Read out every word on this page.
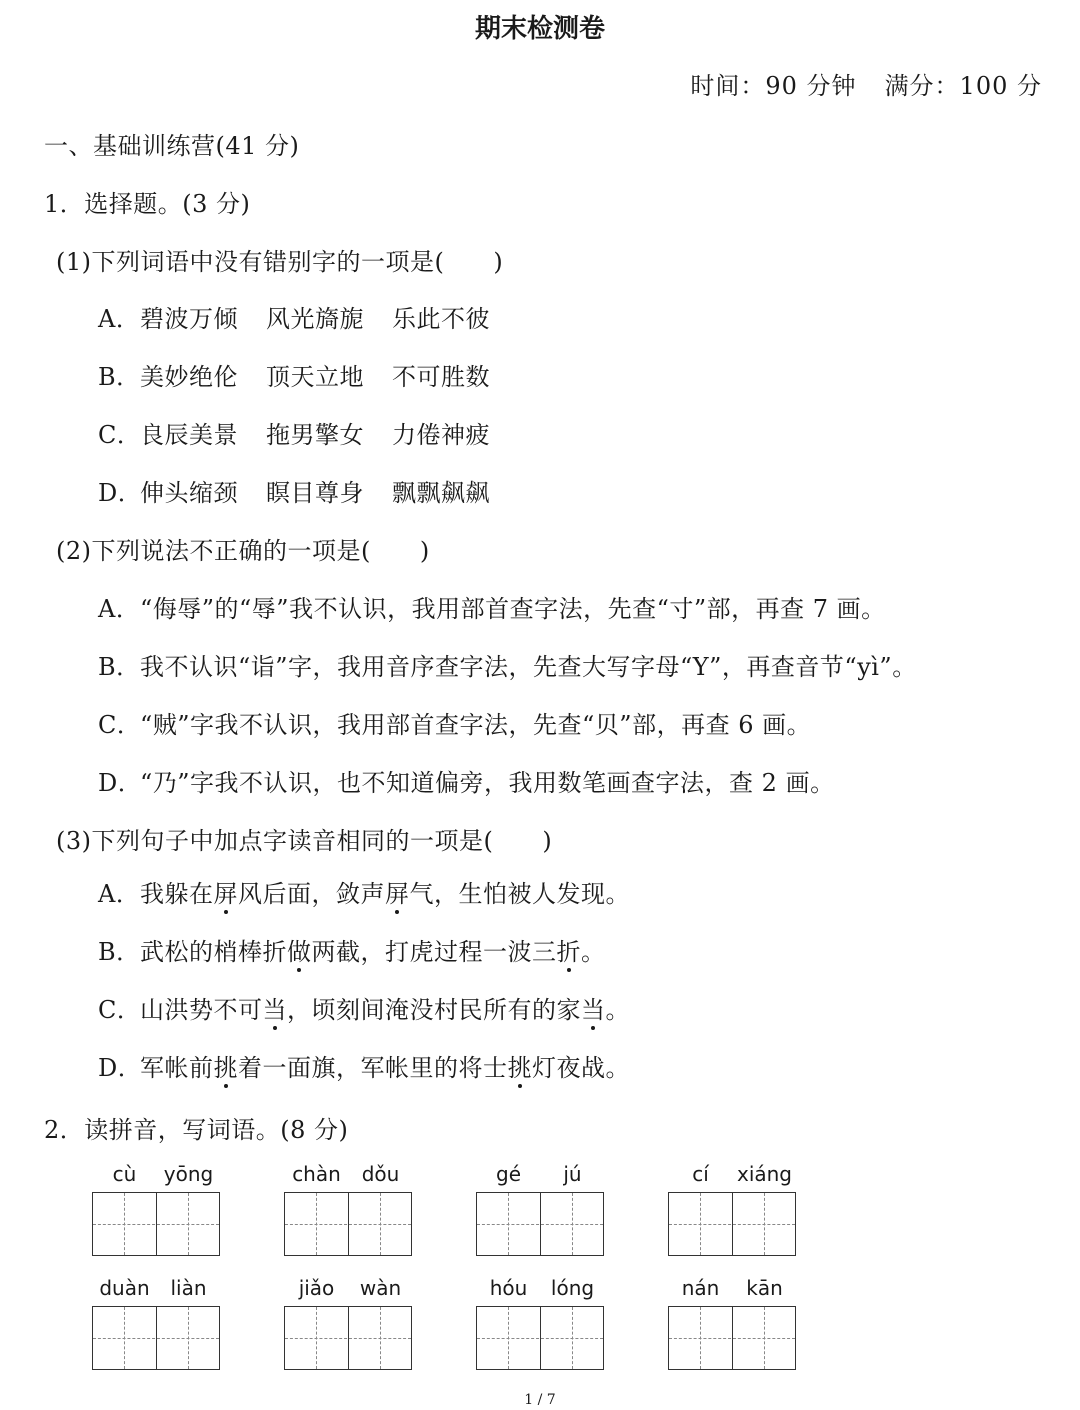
期末检测卷
时间：90 分钟 满分：100 分
一、基础训练营(41 分)
1．选择题。(3 分)
(1)下列词语中没有错别字的一项是(　　)
A．碧波万倾 风光旖旎 乐此不彼
B．美妙绝伦 顶天立地 不可胜数
C．良辰美景 拖男擎女 力倦神疲
D．伸头缩颈 瞑目尊身 飘飘飙飙
(2)下列说法不正确的一项是(　　)
A．“侮辱”的“辱”我不认识，我用部首查字法，先查“寸”部，再查 7 画。
B．我不认识“诣”字，我用音序查字法，先查大写字母“Y”，再查音节“yì”。
C．“贼”字我不认识，我用部首查字法，先查“贝”部，再查 6 画。
D．“乃”字我不认识，也不知道偏旁，我用数笔画查字法，查 2 画。
(3)下列句子中加点字读音相同的一项是(　　)
A．我躲在屏风后面，敛声屏气，生怕被人发现。
B．武松的梢棒折做两截，打虎过程一波三折。
C．山洪势不可当，顷刻间淹没村民所有的家当。
D．军帐前挑着一面旗，军帐里的将士挑灯夜战。
2．读拼音，写词语。(8 分)
cù	yōng	chàn	dǒu	gé	jú	cí	xiáng
duàn	liàn	jiǎo	wàn	hóu	lóng	nán	kān
1 / 7
